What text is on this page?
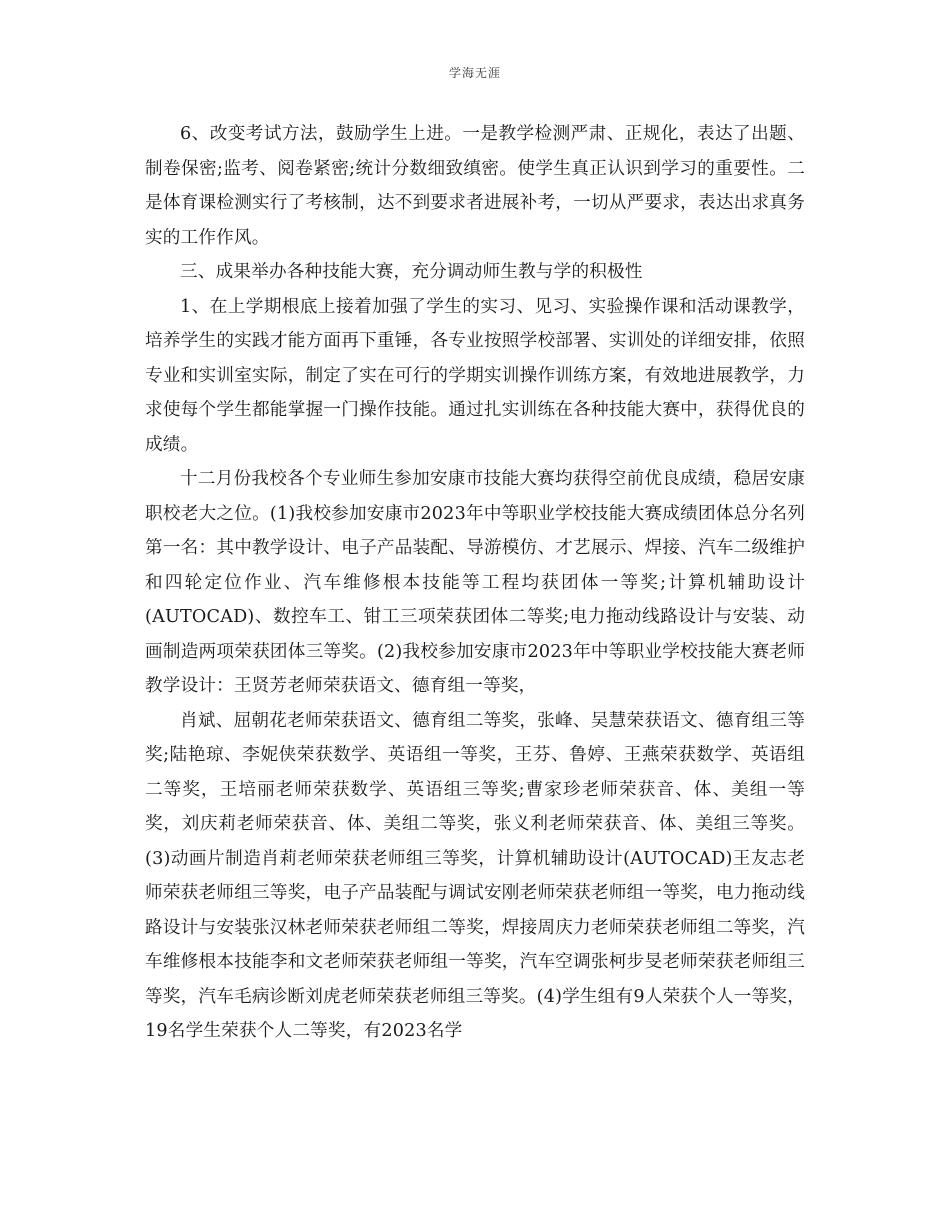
学海无涯

6、改变考试方法，鼓励学生上进。一是教学检测严肃、正规化，表达了出题、制卷保密;监考、阅卷紧密;统计分数细致缜密。使学生真正认识到学习的重要性。二是体育课检测实行了考核制，达不到要求者进展补考，一切从严要求，表达出求真务实的工作作风。

三、成果举办各种技能大赛，充分调动师生教与学的积极性

1、在上学期根底上接着加强了学生的实习、见习、实验操作课和活动课教学，培养学生的实践才能方面再下重锤，各专业按照学校部署、实训处的详细安排，依照专业和实训室实际，制定了实在可行的学期实训操作训练方案，有效地进展教学，力求使每个学生都能掌握一门操作技能。通过扎实训练在各种技能大赛中，获得优良的成绩。

十二月份我校各个专业师生参加安康市技能大赛均获得空前优良成绩，稳居安康职校老大之位。(1)我校参加安康市2023年中等职业学校技能大赛成绩团体总分名列第一名：其中教学设计、电子产品装配、导游模仿、才艺展示、焊接、汽车二级维护和四轮定位作业、汽车维修根本技能等工程均获团体一等奖;计算机辅助设计(AUTOCAD)、数控车工、钳工三项荣获团体二等奖;电力拖动线路设计与安装、动画制造两项荣获团体三等奖。(2)我校参加安康市2023年中等职业学校技能大赛老师教学设计：王贤芳老师荣获语文、德育组一等奖，

肖斌、屈朝花老师荣获语文、德育组二等奖，张峰、吴慧荣获语文、德育组三等奖;陆艳琼、李妮侠荣获数学、英语组一等奖，王芬、鲁婷、王燕荣获数学、英语组二等奖，王培丽老师荣获数学、英语组三等奖;曹家珍老师荣获音、体、美组一等奖，刘庆莉老师荣获音、体、美组二等奖，张义利老师荣获音、体、美组三等奖。(3)动画片制造肖莉老师荣获老师组三等奖，计算机辅助设计(AUTOCAD)王友志老师荣获老师组三等奖，电子产品装配与调试安刚老师荣获老师组一等奖，电力拖动线路设计与安装张汉林老师荣获老师组二等奖，焊接周庆力老师荣获老师组二等奖，汽车维修根本技能李和文老师荣获老师组一等奖，汽车空调张柯步旻老师荣获老师组三等奖，汽车毛病诊断刘虎老师荣获老师组三等奖。(4)学生组有9人荣获个人一等奖，19名学生荣获个人二等奖，有2023名学
